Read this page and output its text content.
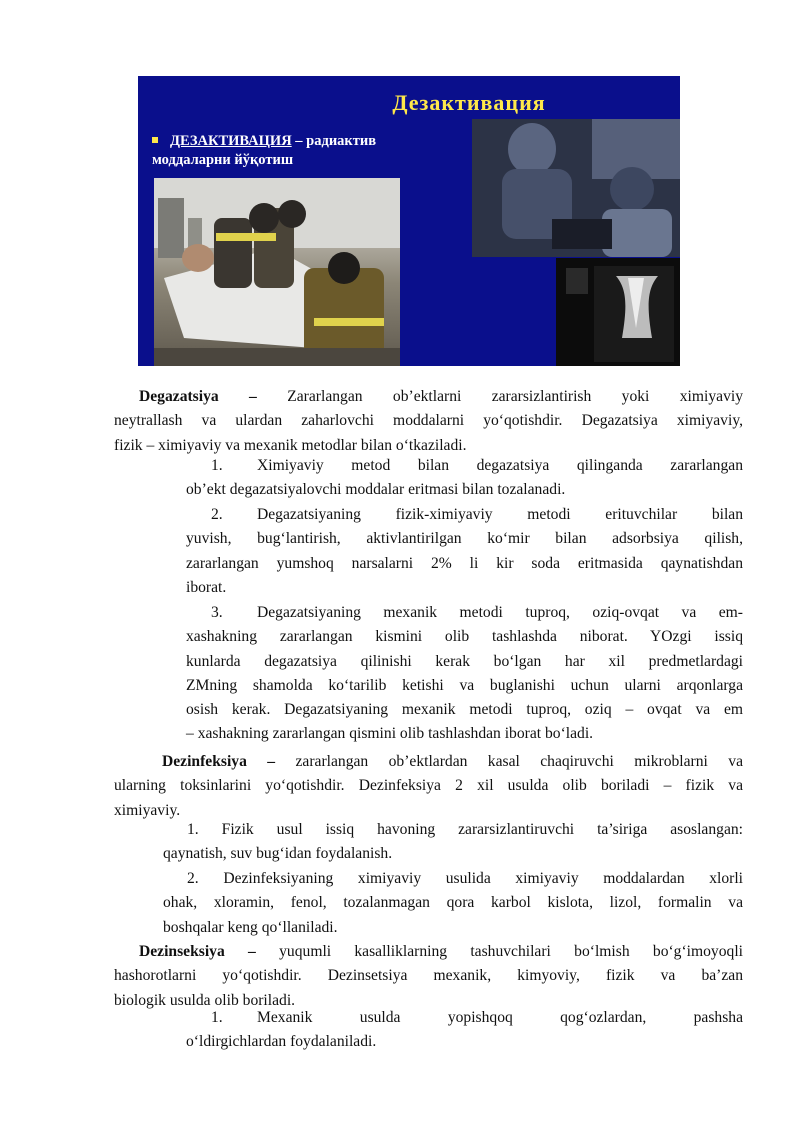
Дезактивация
ДЕЗАКТИВАЦИЯ – радиактив
моддаларни йўқотиш
Degazatsiya – Zararlangan ob’ektlarni zararsizlantirish yoki ximiyaviy
neytrallash va ulardan zaharlovchi moddalarni yo‘qotishdir. Degazatsiya ximiyaviy,
fizik – ximiyaviy va mexanik metodlar bilan o‘tkaziladi.
1. Ximiyaviy metod bilan degazatsiya qilinganda zararlangan
ob’ekt degazatsiyalovchi moddalar eritmasi bilan tozalanadi.
2. Degazatsiyaning fizik-ximiyaviy metodi erituvchilar bilan
yuvish, bug‘lantirish, aktivlantirilgan ko‘mir bilan adsorbsiya qilish,
zararlangan yumshoq narsalarni 2% li kir soda eritmasida qaynatishdan
iborat.
3. Degazatsiyaning mexanik metodi tuproq, oziq-ovqat va em-
xashakning zararlangan kismini olib tashlashda niborat. YOzgi issiq
kunlarda degazatsiya qilinishi kerak bo‘lgan har xil predmetlardagi
ZMning shamolda ko‘tarilib ketishi va buglanishi uchun ularni arqonlarga
osish kerak. Degazatsiyaning mexanik metodi tuproq, oziq – ovqat va em
– xashakning zararlangan qismini olib tashlashdan iborat bo‘ladi.
Dezinfeksiya – zararlangan ob’ektlardan kasal chaqiruvchi mikroblarni va
ularning toksinlarini yo‘qotishdir. Dezinfeksiya 2 xil usulda olib boriladi – fizik va
ximiyaviy.
1. Fizik usul issiq havoning zararsizlantiruvchi ta’siriga asoslangan:
qaynatish, suv bug‘idan foydalanish.
2. Dezinfeksiyaning ximiyaviy usulida ximiyaviy moddalardan xlorli
ohak, xloramin, fenol, tozalanmagan qora karbol kislota, lizol, formalin va
boshqalar keng qo‘llaniladi.
Dezinseksiya – yuqumli kasalliklarning tashuvchilari bo‘lmish bo‘g‘imoyoqli
hashorotlarni yo‘qotishdir. Dezinsetsiya mexanik, kimyoviy, fizik va ba’zan
biologik usulda olib boriladi.
1. Mexanik usulda yopishqoq qog‘ozlardan, pashsha
o‘ldirgichlardan foydalaniladi.
